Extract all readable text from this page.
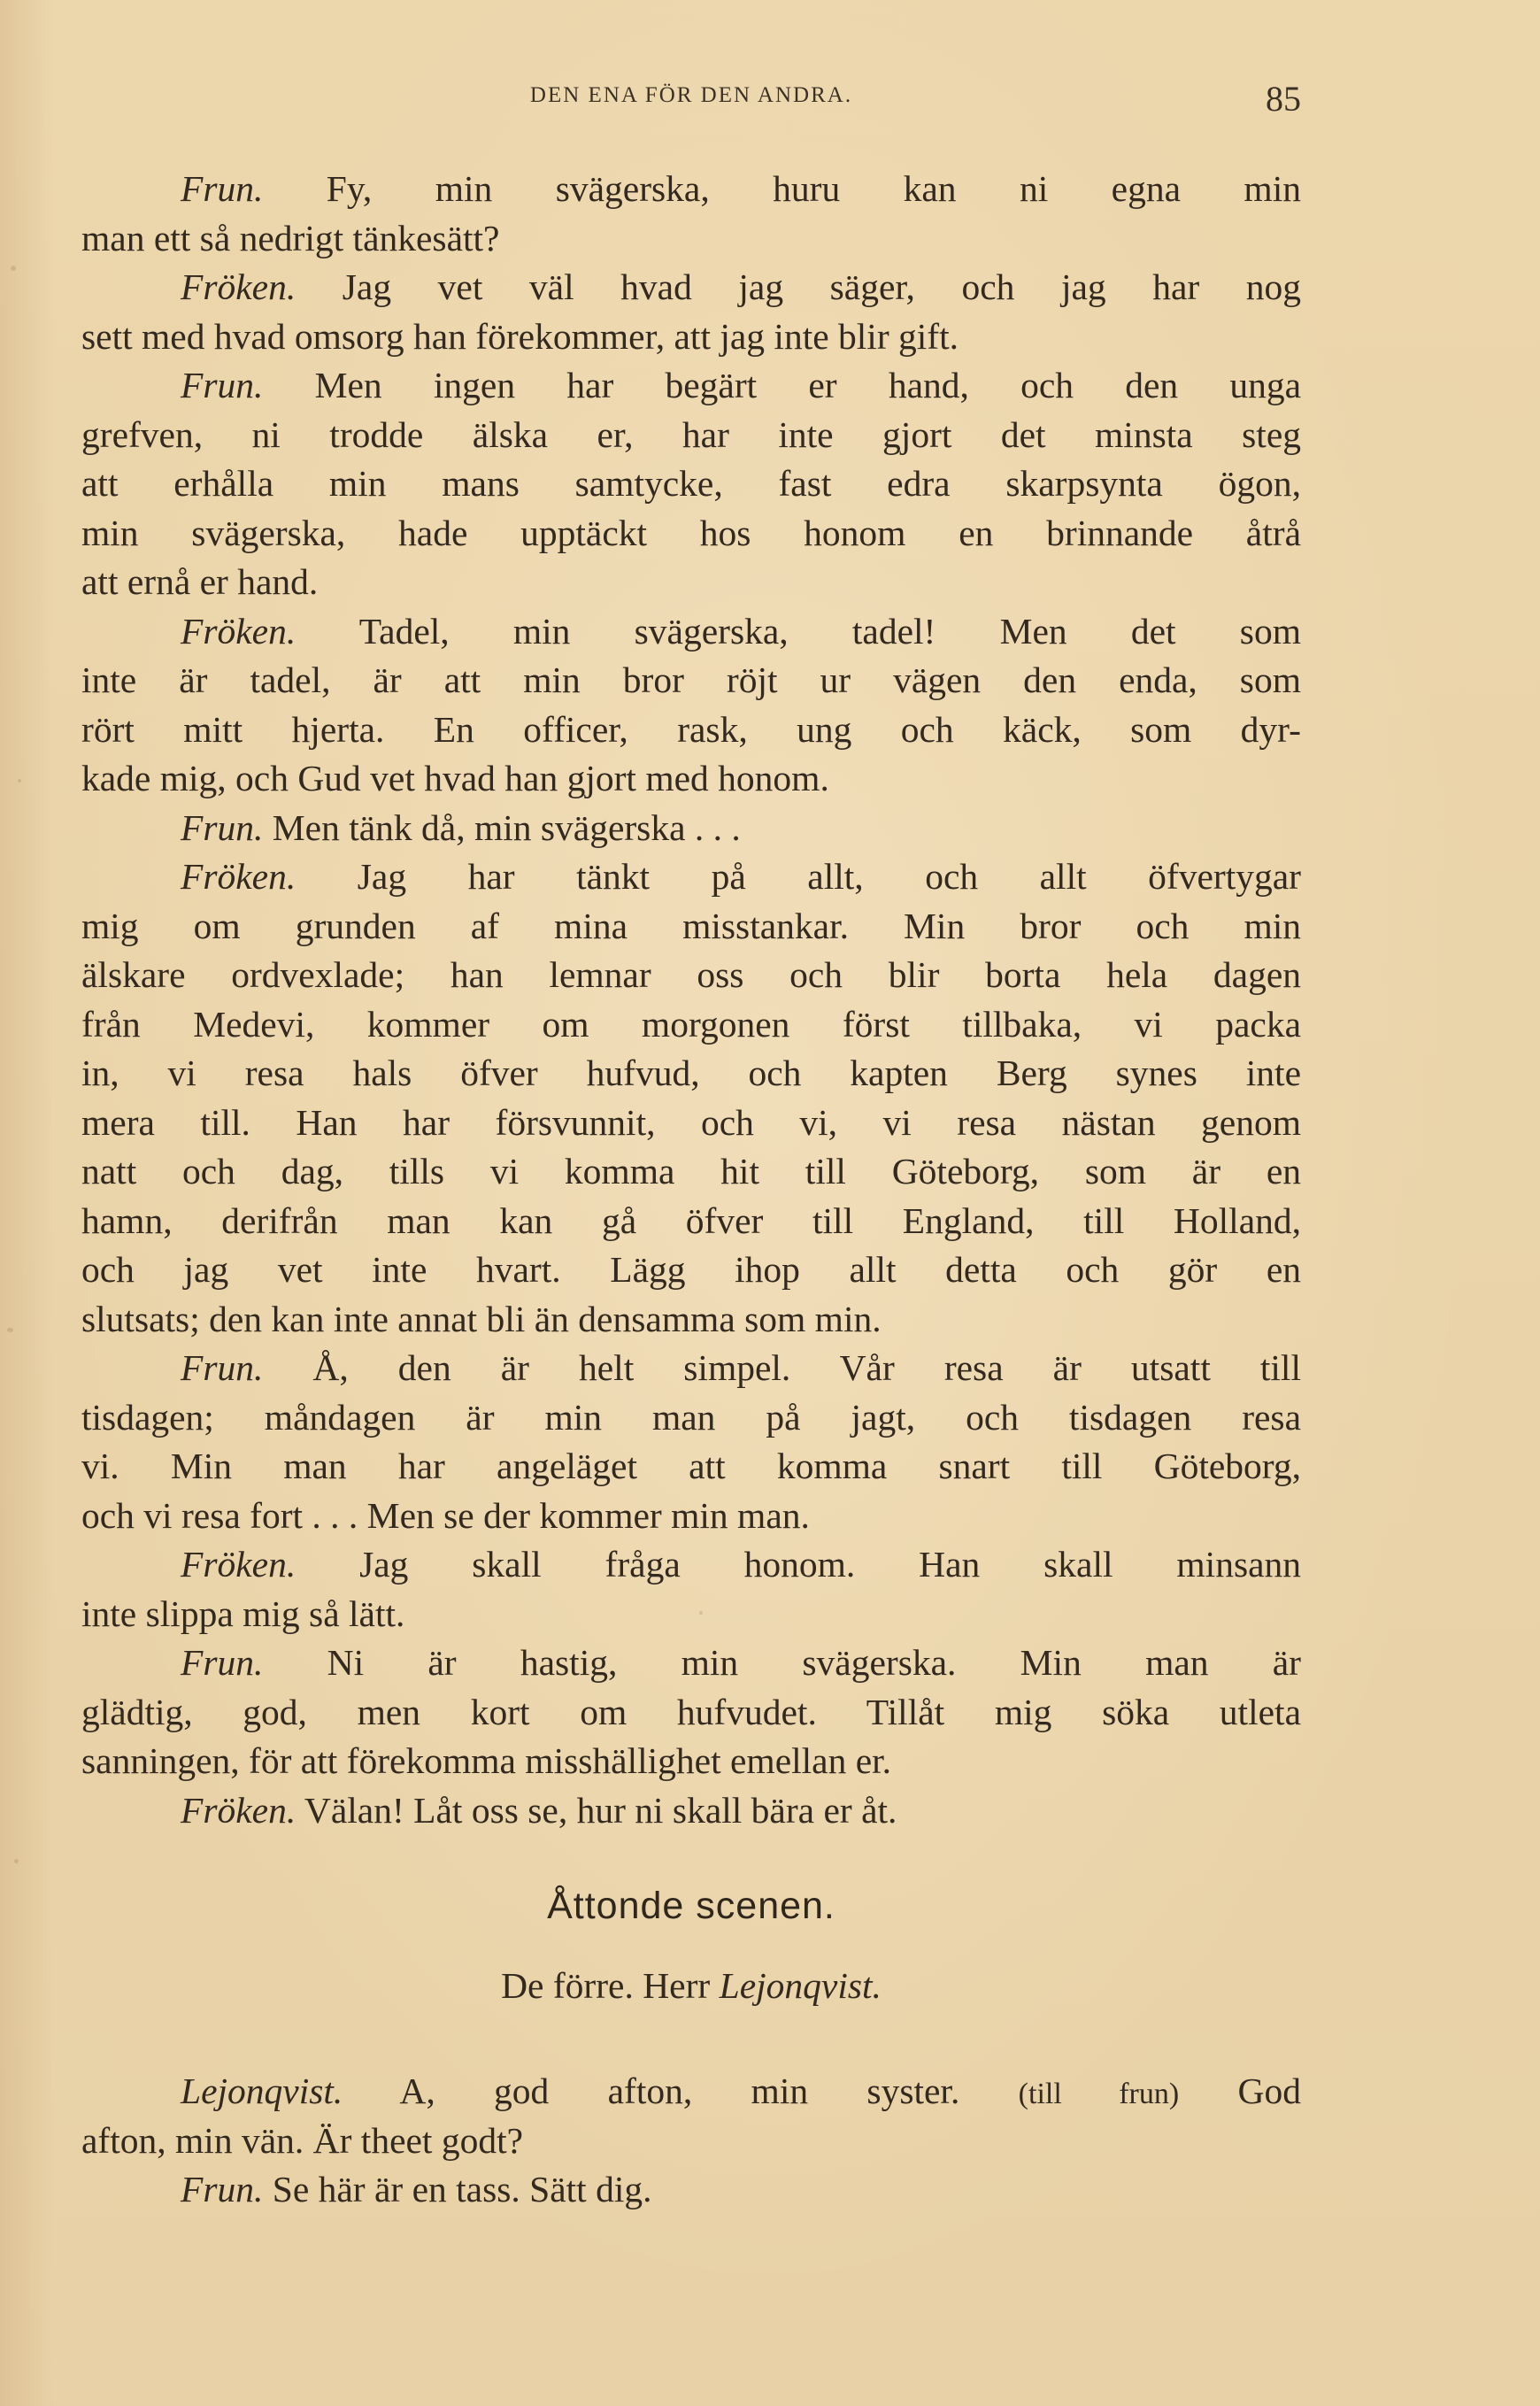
DEN ENA FÖR DEN ANDRA.	85
Frun. Fy, min svägerska, huru kan ni egna min
man ett så nedrigt tänkesätt?
Fröken. Jag vet väl hvad jag säger, och jag har nog
sett med hvad omsorg han förekommer, att jag inte blir gift.
Frun. Men ingen har begärt er hand, och den unga
grefven, ni trodde älska er, har inte gjort det minsta steg
att erhålla min mans samtycke, fast edra skarpsynta ögon,
min svägerska, hade upptäckt hos honom en brinnande åtrå
att ernå er hand.
Fröken. Tadel, min svägerska, tadel! Men det som
inte är tadel, är att min bror röjt ur vägen den enda, som
rört mitt hjerta. En officer, rask, ung och käck, som dyr-
kade mig, och Gud vet hvad han gjort med honom.
Frun. Men tänk då, min svägerska . . .
Fröken. Jag har tänkt på allt, och allt öfvertygar
mig om grunden af mina misstankar. Min bror och min
älskare ordvexlade; han lemnar oss och blir borta hela dagen
från Medevi, kommer om morgonen först tillbaka, vi packa
in, vi resa hals öfver hufvud, och kapten Berg synes inte
mera till. Han har försvunnit, och vi, vi resa nästan genom
natt och dag, tills vi komma hit till Göteborg, som är en
hamn, derifrån man kan gå öfver till England, till Holland,
och jag vet inte hvart. Lägg ihop allt detta och gör en
slutsats; den kan inte annat bli än densamma som min.
Frun. Å, den är helt simpel. Vår resa är utsatt till
tisdagen; måndagen är min man på jagt, och tisdagen resa
vi. Min man har angeläget att komma snart till Göteborg,
och vi resa fort . . . Men se der kommer min man.
Fröken. Jag skall fråga honom. Han skall minsann
inte slippa mig så lätt.
Frun. Ni är hastig, min svägerska. Min man är
glädtig, god, men kort om hufvudet. Tillåt mig söka utleta
sanningen, för att förekomma misshällighet emellan er.
Fröken. Välan! Låt oss se, hur ni skall bära er åt.
Åttonde scenen.
De förre. Herr Lejonqvist.
Lejonqvist. A, god afton, min syster. (till frun) God
afton, min vän. Är theet godt?
Frun. Se här är en tass. Sätt dig.
